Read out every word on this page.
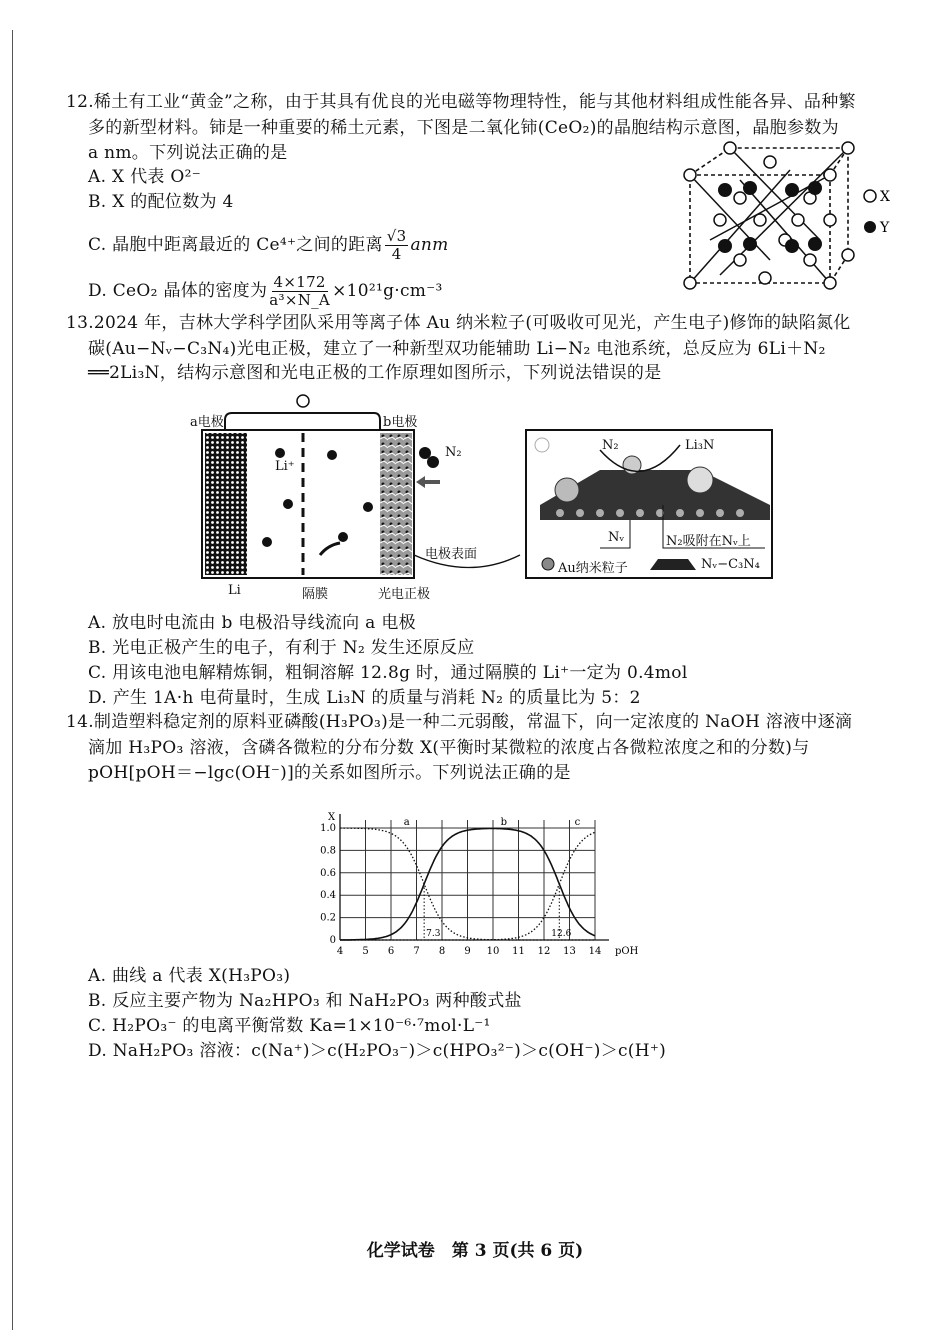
12.稀土有工业“黄金”之称，由于其具有优良的光电磁等物理特性，能与其他材料组成性能各异、品种繁
多的新型材料。铈是一种重要的稀土元素，下图是二氧化铈(CeO₂)的晶胞结构示意图，晶胞参数为
a nm。下列说法正确的是
A. X 代表 O²⁻
B. X 的配位数为 4
C. 晶胞中距离最近的 Ce⁴⁺之间的距离 $\frac{√3}{4}$ anm
D. CeO₂ 晶体的密度为 $\frac{4\times 172}{\text{a³×N\_A}} \times 10^{21}g\cdot cm^{-3}$
X
Y
13.2024 年，吉林大学科学团队采用等离子体 Au 纳米粒子(可吸收可见光，产生电子)修饰的缺陷氮化
碳(Au−Nᵥ−C₃N₄)光电正极，建立了一种新型双功能辅助 Li−N₂ 电池系统，总反应为 6Li＋N₂
══2Li₃N，结构示意图和光电正极的工作原理如图所示，下列说法错误的是
a电极	b电极
Li⁺
N₂
Li	隔膜	光电正极
电极表面
N₂	Li₃N
Nᵥ	N₂吸附在Nᵥ上
Au纳米粒子	Nᵥ−C₃N₄
A. 放电时电流由 b 电极沿导线流向 a 电极
B. 光电正极产生的电子，有利于 N₂ 发生还原反应
C. 用该电池电解精炼铜，粗铜溶解 12.8g 时，通过隔膜的 Li⁺一定为 0.4mol
D. 产生 1A·h 电荷量时，生成 Li₃N 的质量与消耗 N₂ 的质量比为 5：2
14.制造塑料稳定剂的原料亚磷酸(H₃PO₃)是一种二元弱酸，常温下，向一定浓度的 NaOH 溶液中逐滴
滴加 H₃PO₃ 溶液，含磷各微粒的分布分数 X(平衡时某微粒的浓度占各微粒浓度之和的分数)与
pOH[pOH＝−lgc(OH⁻)]的关系如图所示。下列说法正确的是
4 5 6 7 8 9 10 11 12 13 14
0
0.2
0.4
0.6
0.8
1.0
pOH
X	a	b	c
7.3	12.6
A. 曲线 a 代表 X(H₃PO₃)
B. 反应主要产物为 Na₂HPO₃ 和 NaH₂PO₃ 两种酸式盐
C. H₂PO₃⁻ 的电离平衡常数 Ka=1×10⁻⁶·⁷mol·L⁻¹
D. NaH₂PO₃ 溶液：c(Na⁺)＞c(H₂PO₃⁻)＞c(HPO₃²⁻)＞c(OH⁻)＞c(H⁺)
化学试卷　第 3 页(共 6 页)
